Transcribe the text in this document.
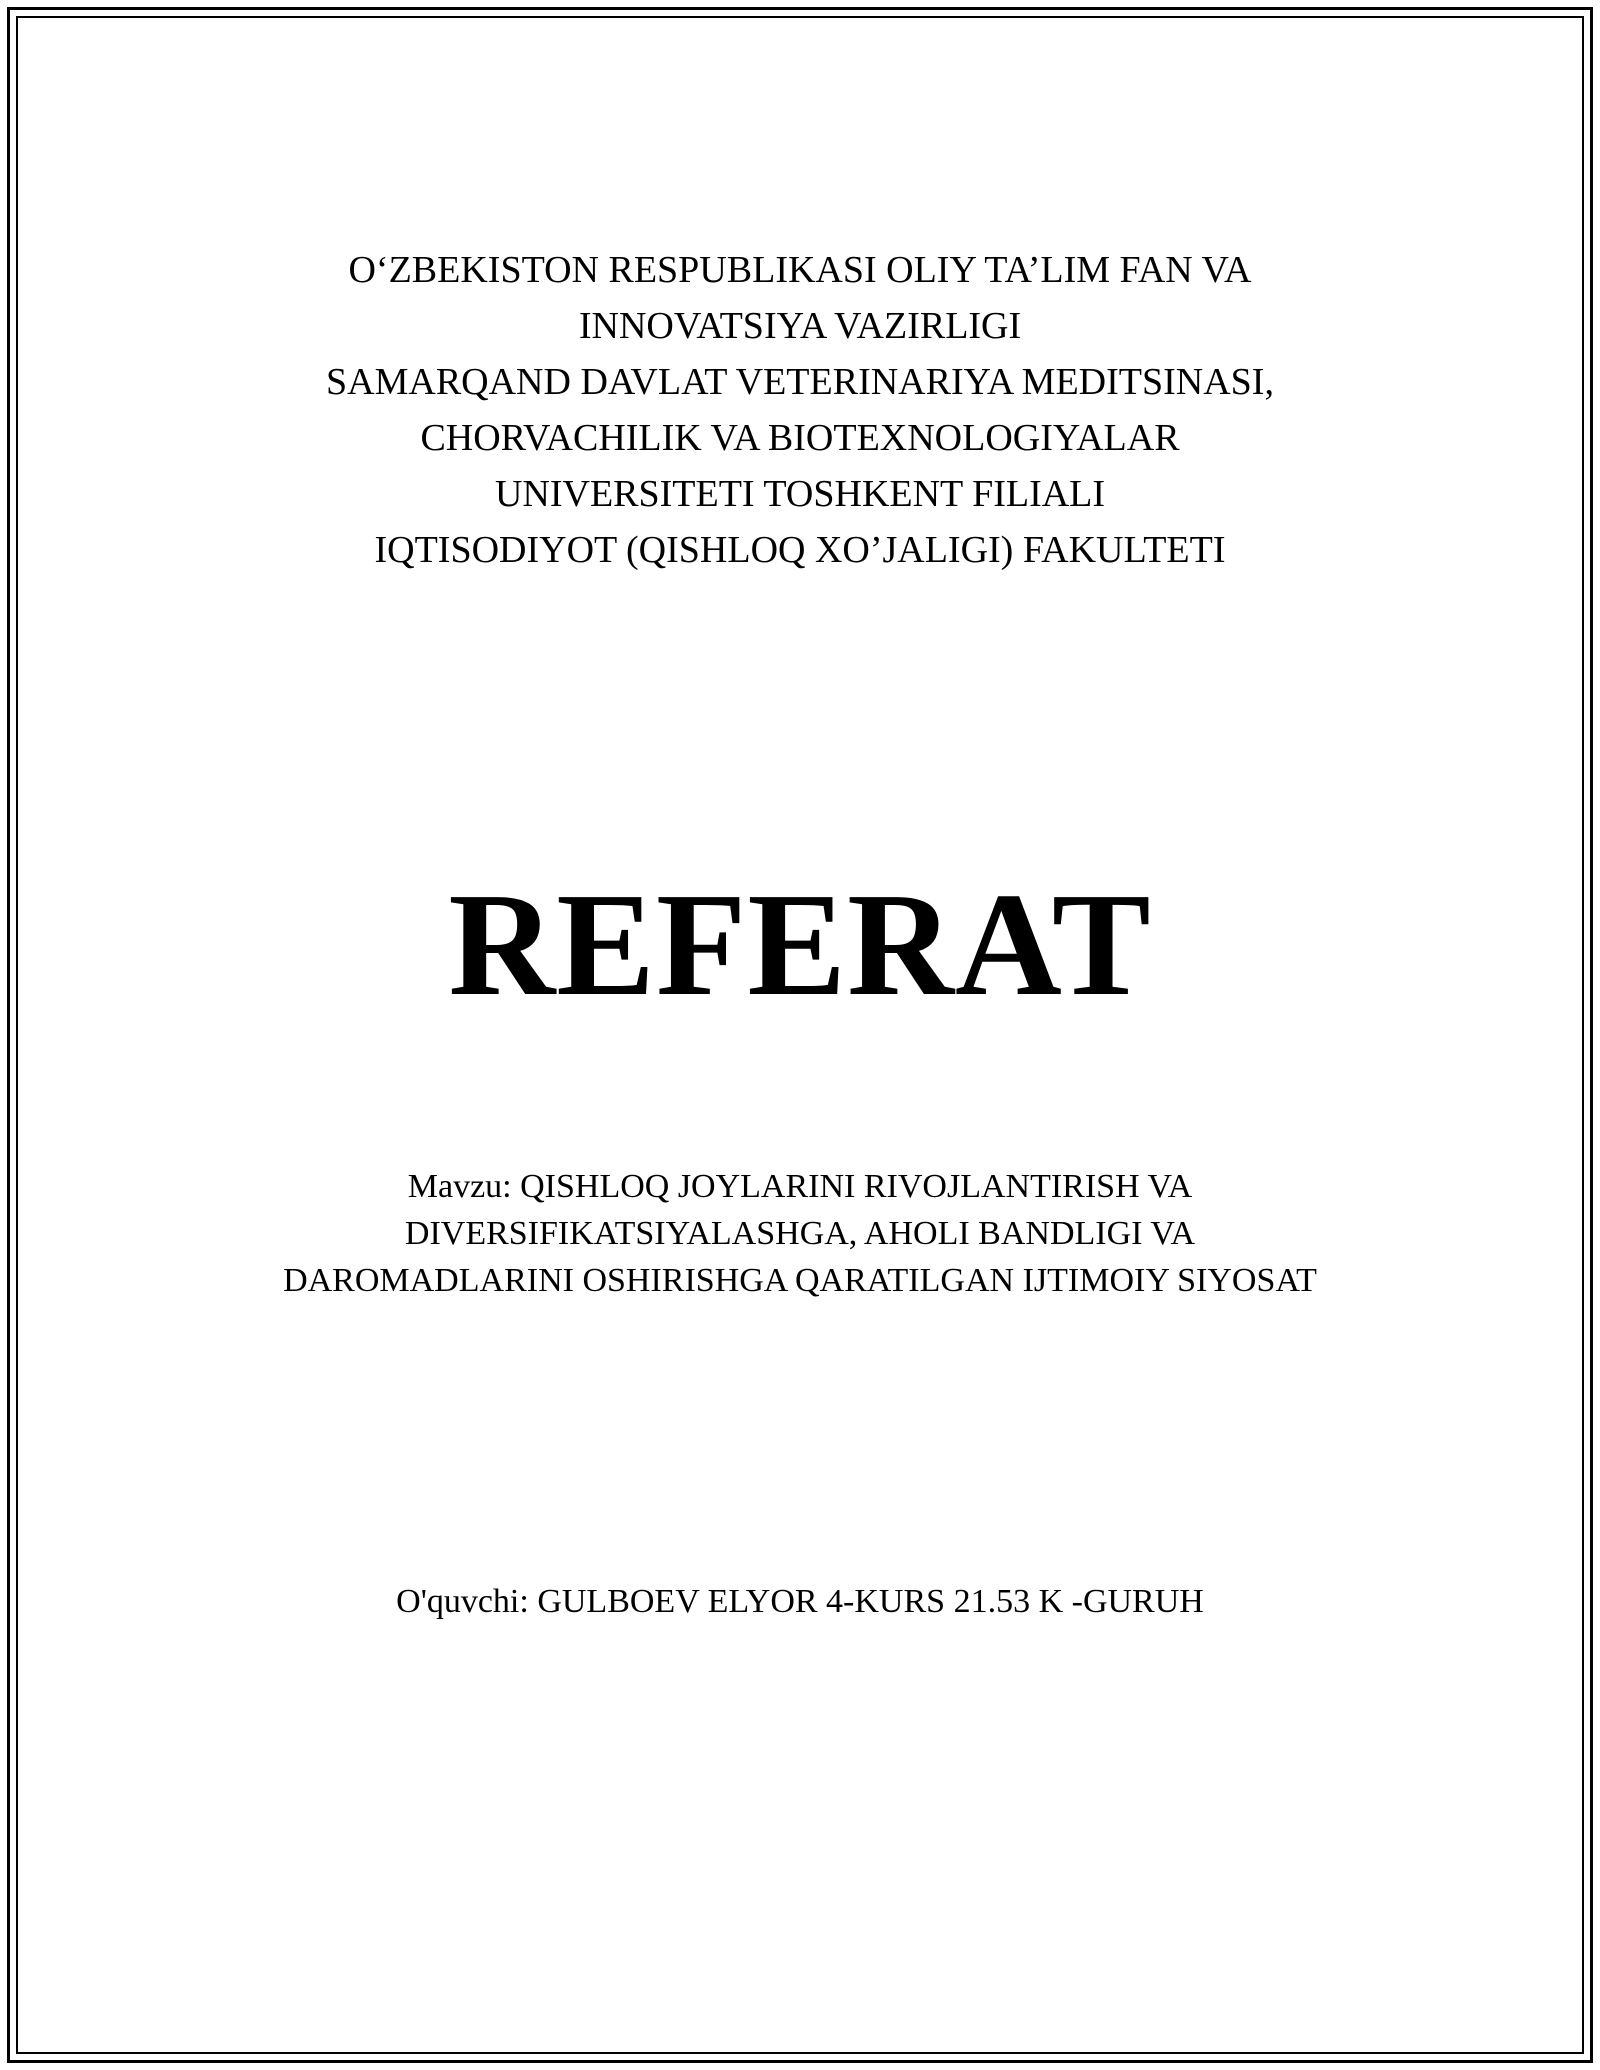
O‘ZBEKISTON RESPUBLIKASI OLIY TA’LIM FAN VA
INNOVATSIYA VAZIRLIGI
SAMARQAND DAVLAT VETERINARIYA MEDITSINASI,
CHORVACHILIK VA BIOTEXNOLOGIYALAR
UNIVERSITETI TOSHKENT FILIALI
IQTISODIYOT (QISHLOQ XO’JALIGI) FAKULTETI
REFERAT
Mavzu: QISHLOQ JOYLARINI RIVOJLANTIRISH VA
DIVERSIFIKATSIYALASHGA, AHOLI BANDLIGI VA
DAROMADLARINI OSHIRISHGA QARATILGAN IJTIMOIY SIYOSAT
O'quvchi: GULBOEV ELYOR 4-KURS 21.53 K -GURUH
